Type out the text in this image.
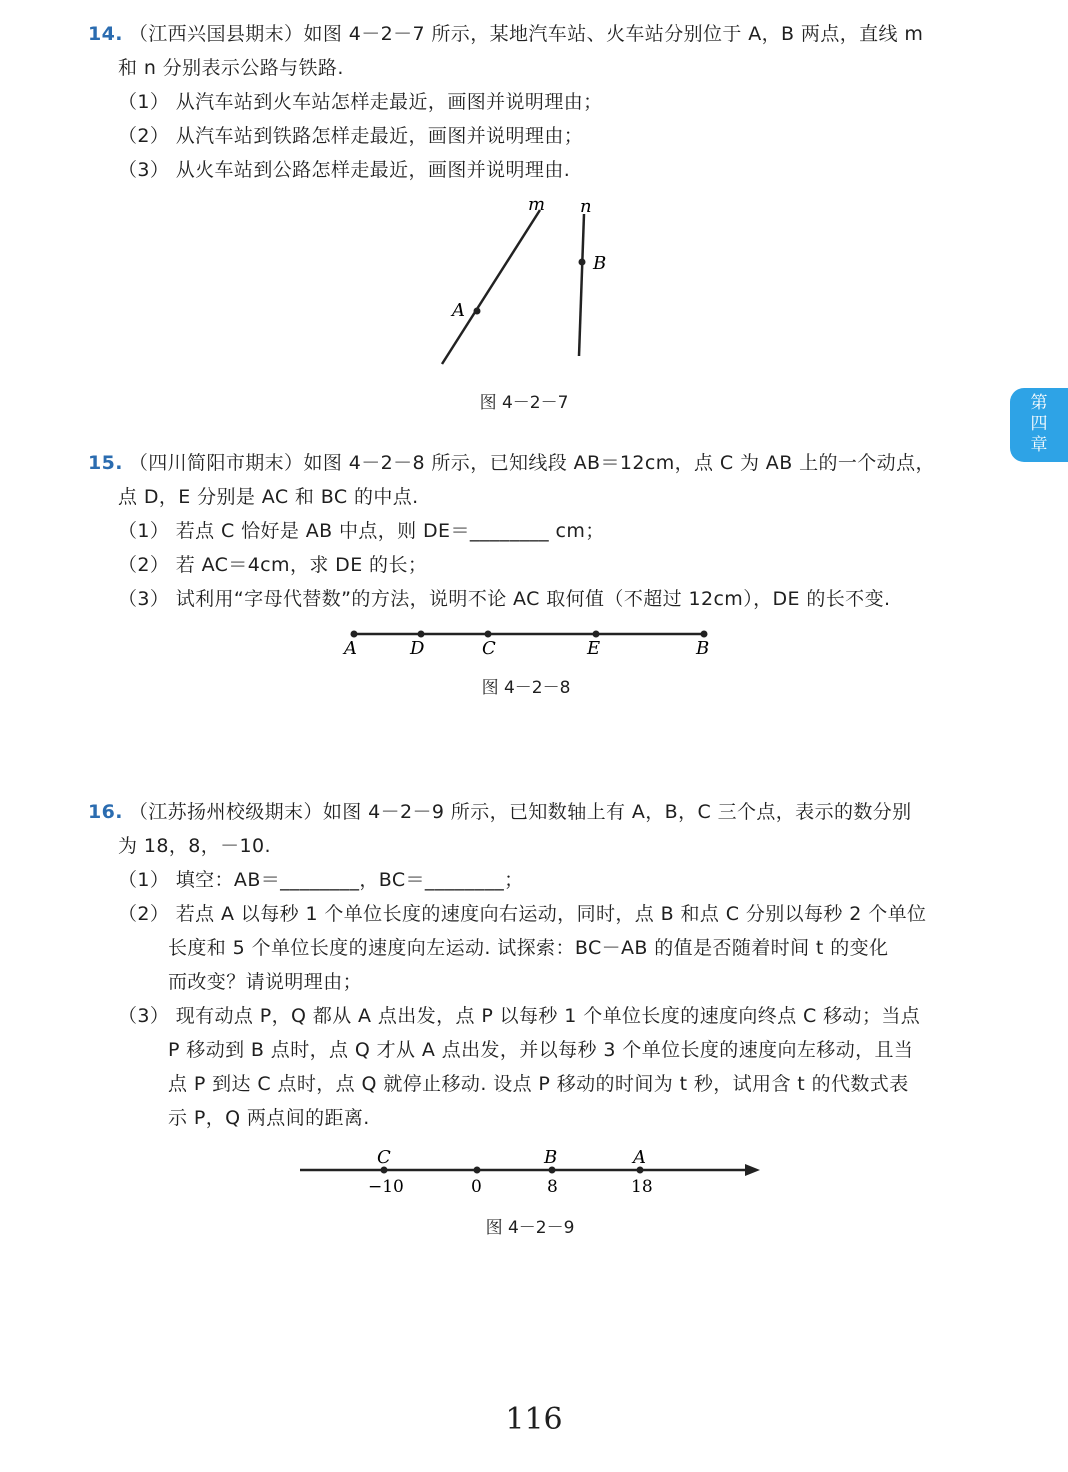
第四章
14. （江西兴国县期末）如图 4－2－7 所示，某地汽车站、火车站分别位于 A，B 两点，直线 m
和 n 分别表示公路与铁路.
（1） 从汽车站到火车站怎样走最近，画图并说明理由；
（2） 从汽车站到铁路怎样走最近，画图并说明理由；
（3） 从火车站到公路怎样走最近，画图并说明理由.
m n
A
B
图 4－2－7
15. （四川简阳市期末）如图 4－2－8 所示，已知线段 AB＝12cm，点 C 为 AB 上的一个动点，
点 D，E 分别是 AC 和 BC 的中点.
（1） 若点 C 恰好是 AB 中点，则 DE＝________ cm；
（2） 若 AC＝4cm，求 DE 的长；
（3） 试利用“字母代替数”的方法，说明不论 AC 取何值（不超过 12cm），DE 的长不变.
A	D	C	E	B
图 4－2－8
16. （江苏扬州校级期末）如图 4－2－9 所示，已知数轴上有 A，B，C 三个点，表示的数分别
为 18，8，－10.
（1） 填空：AB＝________，BC＝________；
（2） 若点 A 以每秒 1 个单位长度的速度向右运动，同时，点 B 和点 C 分别以每秒 2 个单位
长度和 5 个单位长度的速度向左运动. 试探索：BC－AB 的值是否随着时间 t 的变化
而改变？请说明理由；
（3） 现有动点 P，Q 都从 A 点出发，点 P 以每秒 1 个单位长度的速度向终点 C 移动；当点
P 移动到 B 点时，点 Q 才从 A 点出发，并以每秒 3 个单位长度的速度向左移动，且当
点 P 到达 C 点时，点 Q 就停止移动. 设点 P 移动的时间为 t 秒，试用含 t 的代数式表
示 P，Q 两点间的距离.
C	B	A
−10	0	8	18
图 4－2－9
116
